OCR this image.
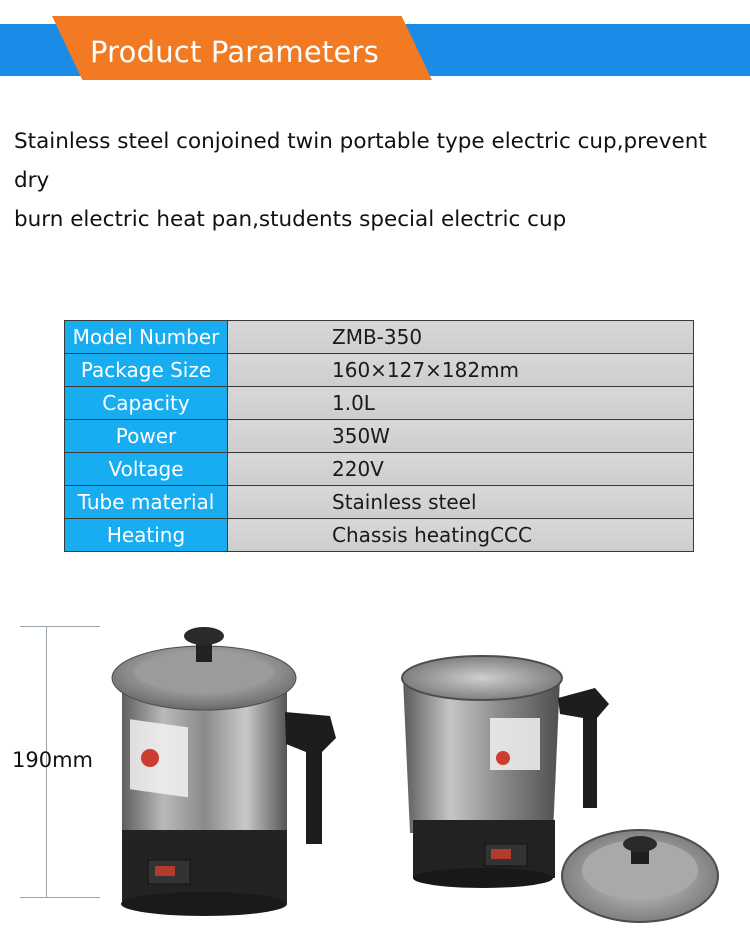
Product Parameters

Stainless steel conjoined twin portable type electric cup,prevent dry

burn electric heat pan,students special electric cup

Model Number	ZMB-350
Package Size	160×127×182mm
Capacity	1.0L
Power	350W
Voltage	220V
Tube material	Stainless steel
Heating	Chassis heatingCCC
190mm
